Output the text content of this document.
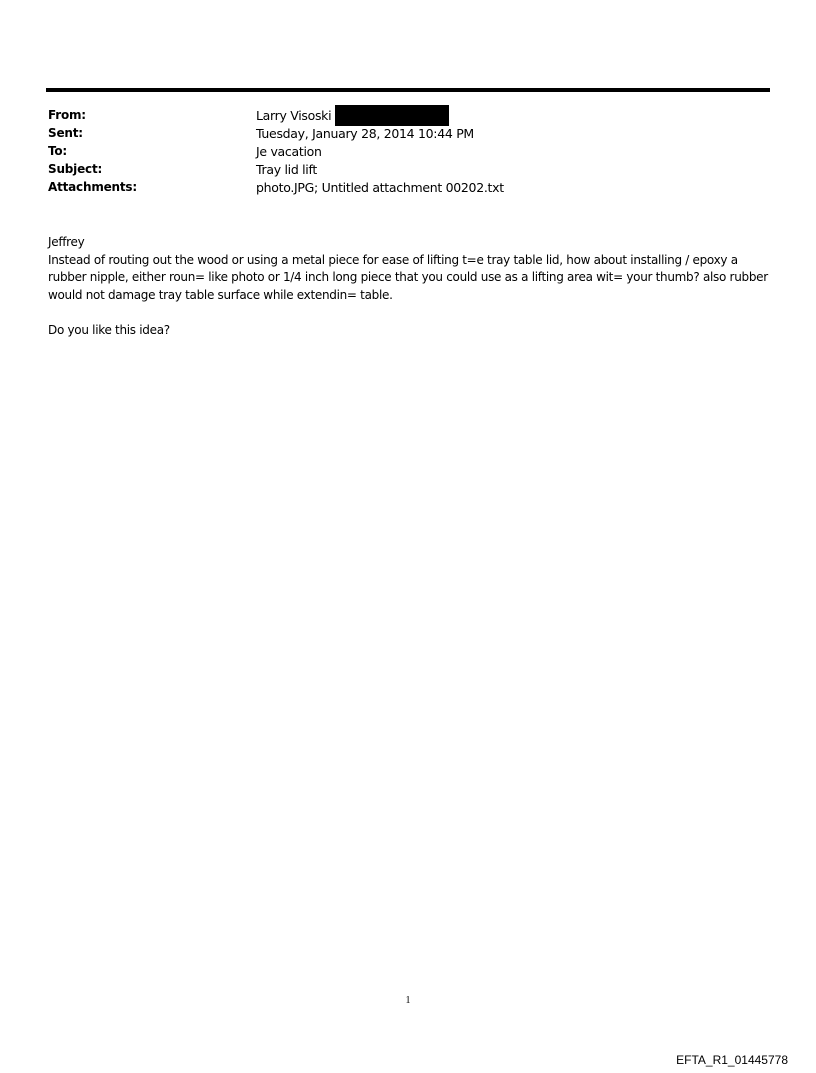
From:	Larry Visoski
Sent:	Tuesday, January 28, 2014 10:44 PM
To:	Je vacation
Subject:	Tray lid lift
Attachments:	photo.JPG; Untitled attachment 00202.txt

Jeffrey

Instead of routing out the wood or using a metal piece for ease of lifting t=e tray table lid, how about installing / epoxy a rubber nipple, either roun= like photo or 1/4 inch long piece that you could use as a lifting area wit= your thumb? also rubber would not damage tray table surface while extendin= table.

Do you like this idea?

1
EFTA_R1_01445778
